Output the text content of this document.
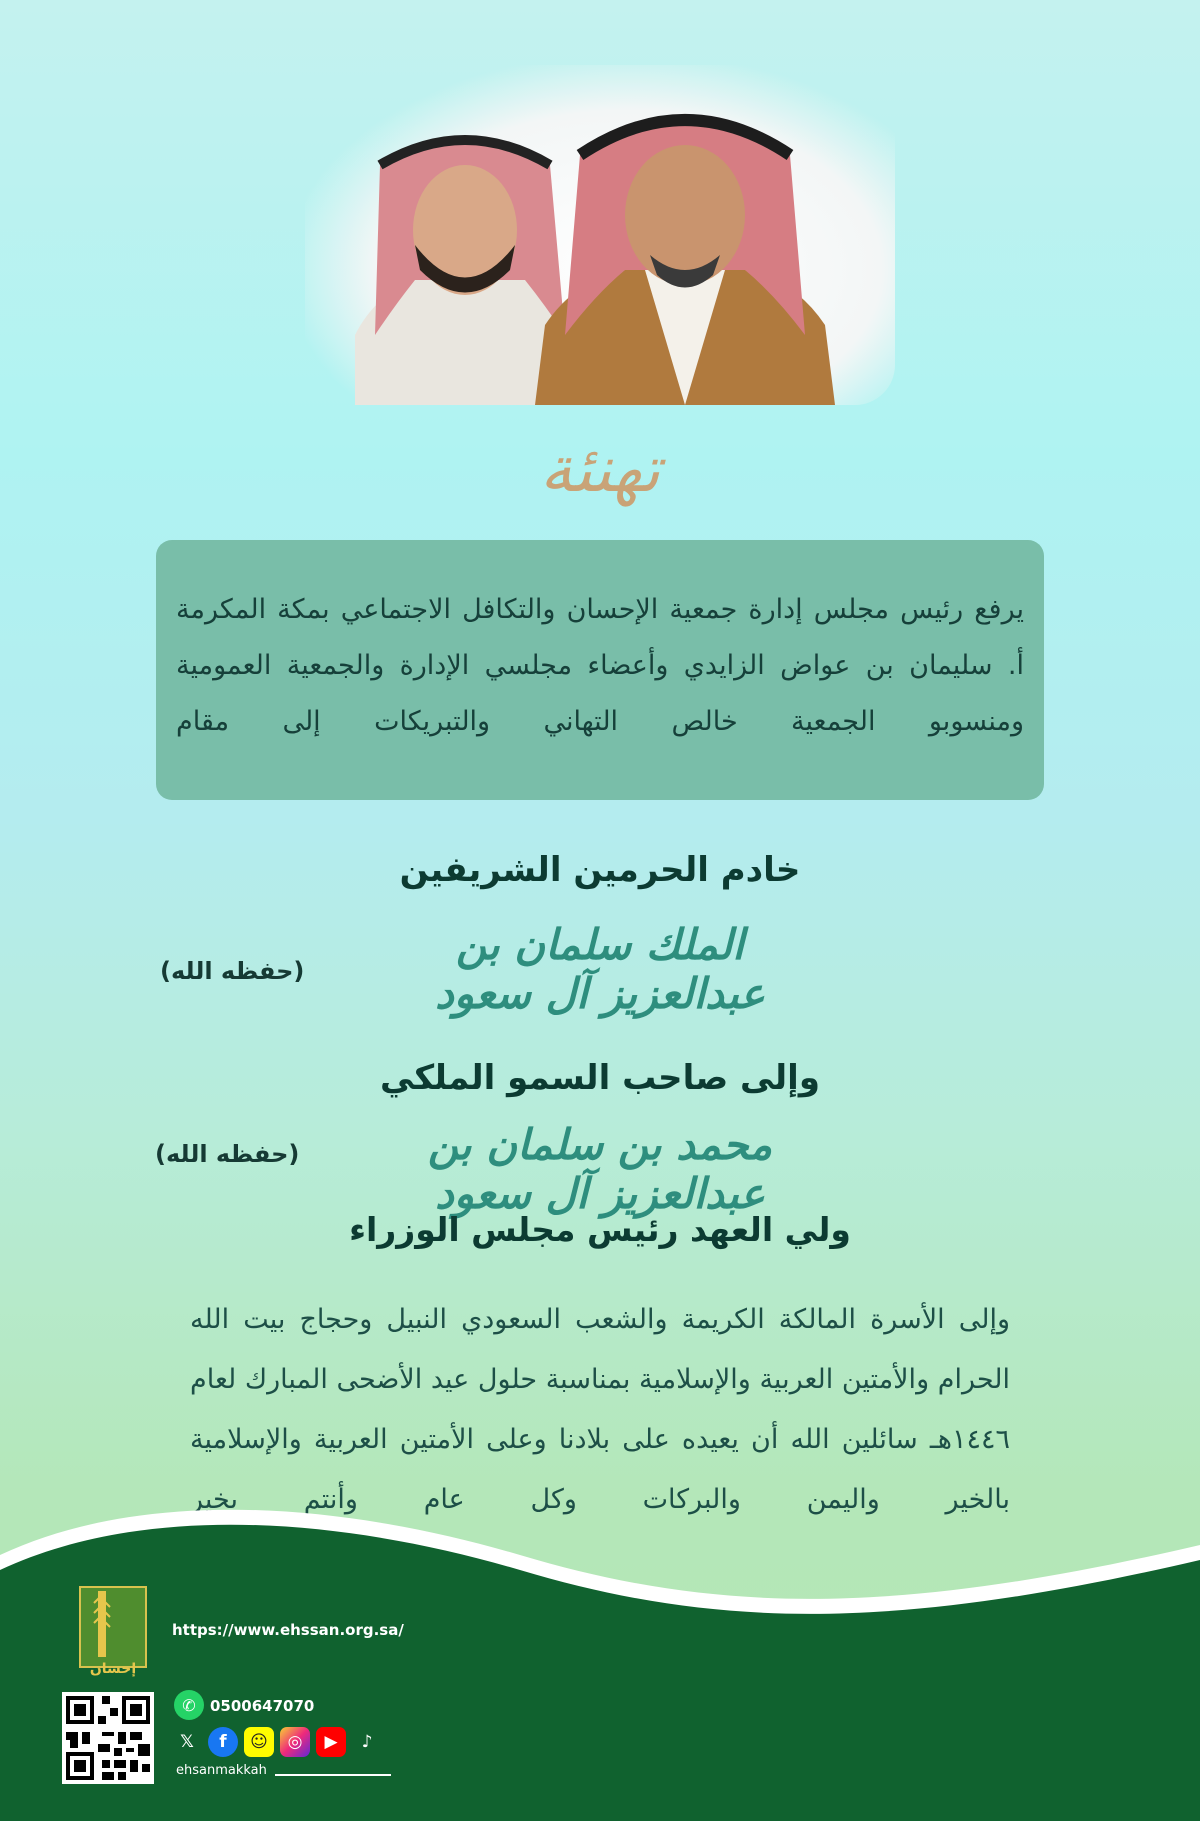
تهنئة

يرفع رئيس مجلس إدارة جمعية الإحسان والتكافل الاجتماعي بمكة المكرمة أ. سليمان بن عواض الزايدي وأعضاء مجلسي الإدارة والجمعية العمومية ومنسوبو الجمعية خالص التهاني والتبريكات إلى مقام

خادم الحرمين الشريفين
الملك سلمان بن عبدالعزيز آل سعود
(حفظه الله)
وإلى صاحب السمو الملكي
محمد بن سلمان بن عبدالعزيز آل سعود
(حفظه الله)
ولي العهد رئيس مجلس الوزراء

وإلى الأسرة المالكة الكريمة والشعب السعودي النبيل وحجاج بيت الله الحرام والأمتين العربية والإسلامية بمناسبة حلول عيد الأضحى المبارك لعام ١٤٤٦هـ سائلين الله أن يعيده على بلادنا وعلى الأمتين العربية والإسلامية بالخير واليمن والبركات وكل عام وأنتم بخير

إحسان
https://www.ehssan.org.sa/
✆ 0500647070
𝕏	f	☺	◎	▶	♪
ehsanmakkah
